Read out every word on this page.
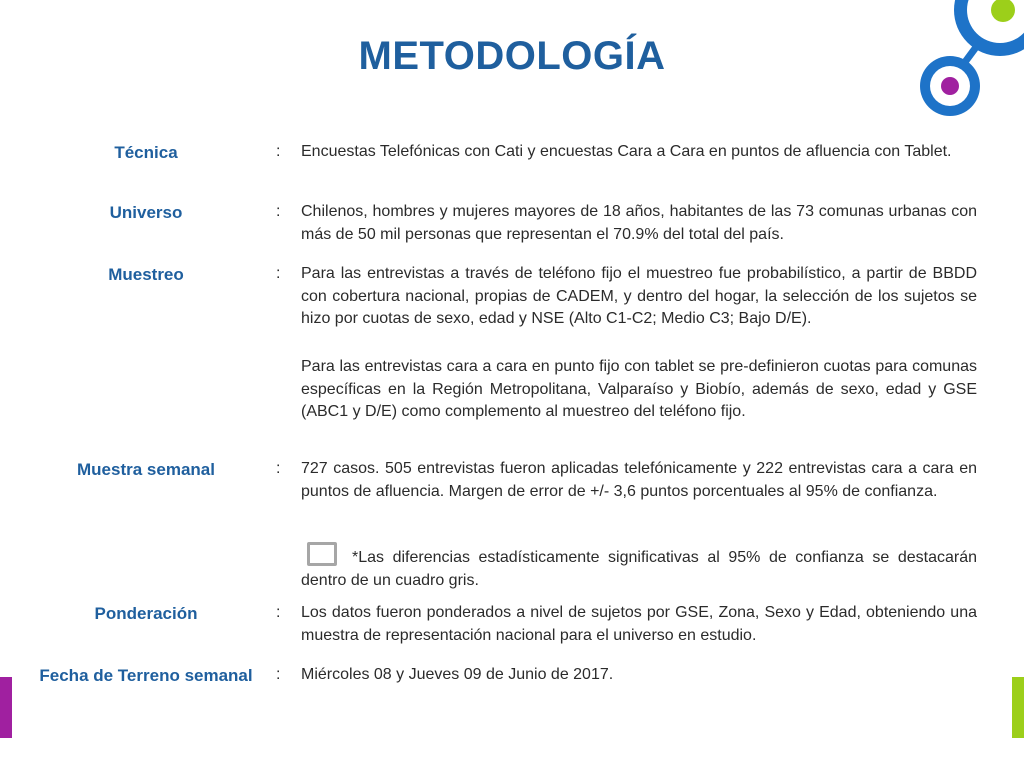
METODOLOGÍA
Técnica	: Encuestas Telefónicas con Cati y encuestas Cara a Cara en puntos de afluencia con Tablet.
Universo	: Chilenos, hombres y mujeres mayores de 18 años, habitantes de las 73 comunas urbanas con más de 50 mil personas que representan el 70.9% del total del país.
Muestreo	: Para las entrevistas a través de teléfono fijo el muestreo fue probabilístico, a partir de BBDD con cobertura nacional, propias de CADEM, y dentro del hogar, la selección de los sujetos se hizo por cuotas de sexo, edad y NSE (Alto C1-C2; Medio C3; Bajo D/E).
Para las entrevistas cara a cara en punto fijo con tablet se pre-definieron cuotas para comunas específicas en la Región Metropolitana, Valparaíso y Biobío, además de sexo, edad y GSE (ABC1 y D/E) como complemento al muestreo del teléfono fijo.
Muestra semanal	: 727 casos. 505 entrevistas fueron aplicadas telefónicamente y 222 entrevistas cara a cara en puntos de afluencia. Margen de error de +/- 3,6 puntos porcentuales al 95% de confianza.
*Las diferencias estadísticamente significativas al 95% de confianza se destacarán dentro de un cuadro gris.
Ponderación	: Los datos fueron ponderados a nivel de sujetos por GSE, Zona, Sexo y Edad, obteniendo una muestra de representación nacional para el universo en estudio.
Fecha de Terreno semanal	: Miércoles 08 y Jueves 09 de Junio de 2017.
